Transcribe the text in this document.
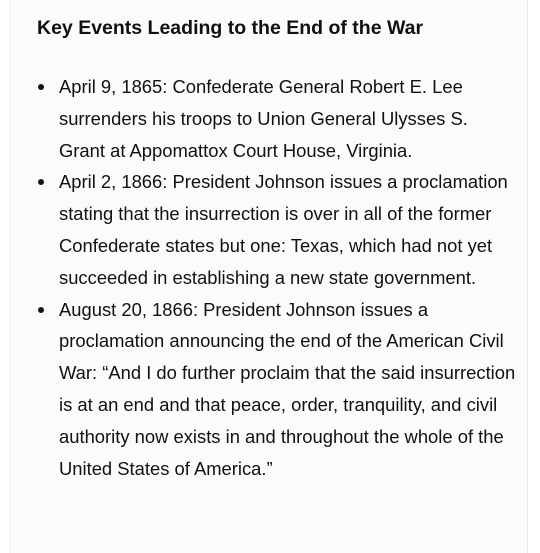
Key Events Leading to the End of the War
April 9, 1865: Confederate General Robert E. Lee surrenders his troops to Union General Ulysses S. Grant at Appomattox Court House, Virginia.
April 2, 1866: President Johnson issues a proclamation stating that the insurrection is over in all of the former Confederate states but one: Texas, which had not yet succeeded in establishing a new state government.
August 20, 1866: President Johnson issues a proclamation announcing the end of the American Civil War: “And I do further proclaim that the said insurrection is at an end and that peace, order, tranquility, and civil authority now exists in and throughout the whole of the United States of America.”
